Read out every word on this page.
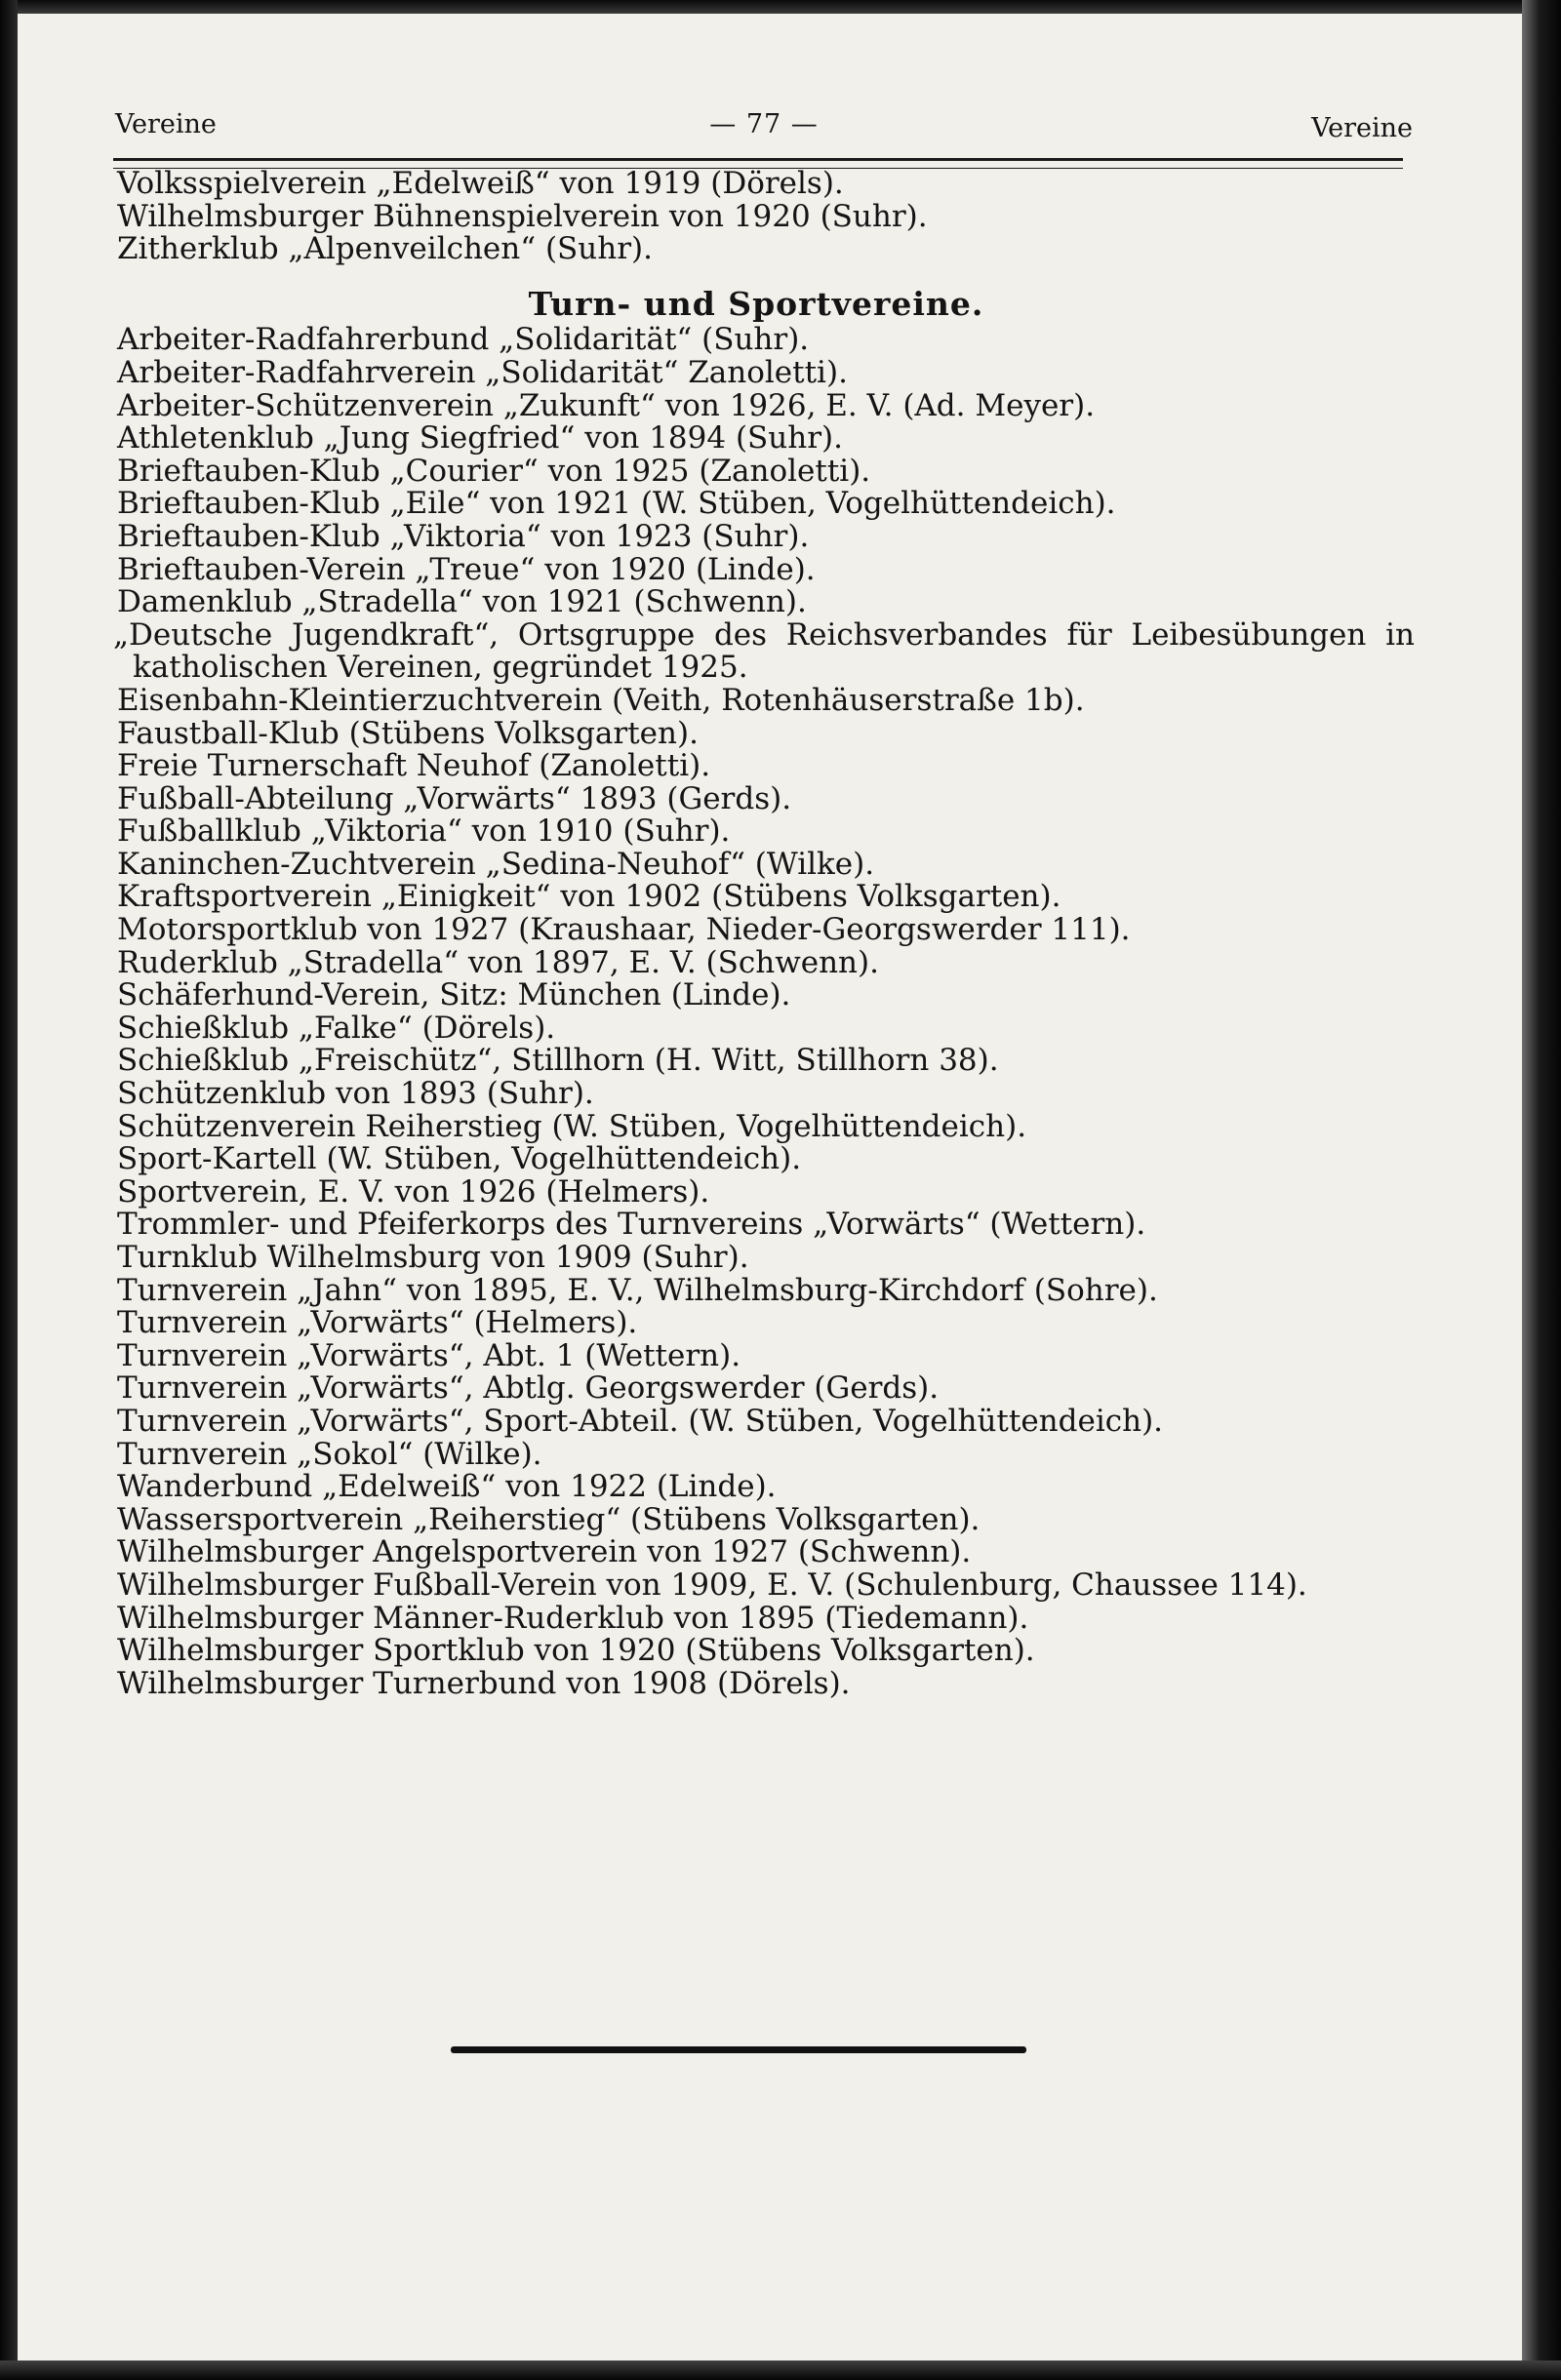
Vereine	— 77 —	Vereine
Volksspielverein „Edelweiß“ von 1919 (Dörels).
Wilhelmsburger Bühnenspielverein von 1920 (Suhr).
Zitherklub „Alpenveilchen“ (Suhr).
Turn- und Sportvereine.
Arbeiter-Radfahrerbund „Solidarität“ (Suhr).
Arbeiter-Radfahrverein „Solidarität“ Zanoletti).
Arbeiter-Schützenverein „Zukunft“ von 1926, E. V. (Ad. Meyer).
Athletenklub „Jung Siegfried“ von 1894 (Suhr).
Brieftauben-Klub „Courier“ von 1925 (Zanoletti).
Brieftauben-Klub „Eile“ von 1921 (W. Stüben, Vogelhüttendeich).
Brieftauben-Klub „Viktoria“ von 1923 (Suhr).
Brieftauben-Verein „Treue“ von 1920 (Linde).
Damenklub „Stradella“ von 1921 (Schwenn).
„Deutsche Jugendkraft“, Ortsgruppe des Reichsverbandes für Leibesübungen in katholischen Vereinen, gegründet 1925.
Eisenbahn-Kleintierzuchtverein (Veith, Rotenhäuserstraße 1b).
Faustball-Klub (Stübens Volksgarten).
Freie Turnerschaft Neuhof (Zanoletti).
Fußball-Abteilung „Vorwärts“ 1893 (Gerds).
Fußballklub „Viktoria“ von 1910 (Suhr).
Kaninchen-Zuchtverein „Sedina-Neuhof“ (Wilke).
Kraftsportverein „Einigkeit“ von 1902 (Stübens Volksgarten).
Motorsportklub von 1927 (Kraushaar, Nieder-Georgswerder 111).
Ruderklub „Stradella“ von 1897, E. V. (Schwenn).
Schäferhund-Verein, Sitz: München (Linde).
Schießklub „Falke“ (Dörels).
Schießklub „Freischütz“, Stillhorn (H. Witt, Stillhorn 38).
Schützenklub von 1893 (Suhr).
Schützenverein Reiherstieg (W. Stüben, Vogelhüttendeich).
Sport-Kartell (W. Stüben, Vogelhüttendeich).
Sportverein, E. V. von 1926 (Helmers).
Trommler- und Pfeiferkorps des Turnvereins „Vorwärts“ (Wettern).
Turnklub Wilhelmsburg von 1909 (Suhr).
Turnverein „Jahn“ von 1895, E. V., Wilhelmsburg-Kirchdorf (Sohre).
Turnverein „Vorwärts“ (Helmers).
Turnverein „Vorwärts“, Abt. 1 (Wettern).
Turnverein „Vorwärts“, Abtlg. Georgswerder (Gerds).
Turnverein „Vorwärts“, Sport-Abteil. (W. Stüben, Vogelhüttendeich).
Turnverein „Sokol“ (Wilke).
Wanderbund „Edelweiß“ von 1922 (Linde).
Wassersportverein „Reiherstieg“ (Stübens Volksgarten).
Wilhelmsburger Angelsportverein von 1927 (Schwenn).
Wilhelmsburger Fußball-Verein von 1909, E. V. (Schulenburg, Chaussee 114).
Wilhelmsburger Männer-Ruderklub von 1895 (Tiedemann).
Wilhelmsburger Sportklub von 1920 (Stübens Volksgarten).
Wilhelmsburger Turnerbund von 1908 (Dörels).
